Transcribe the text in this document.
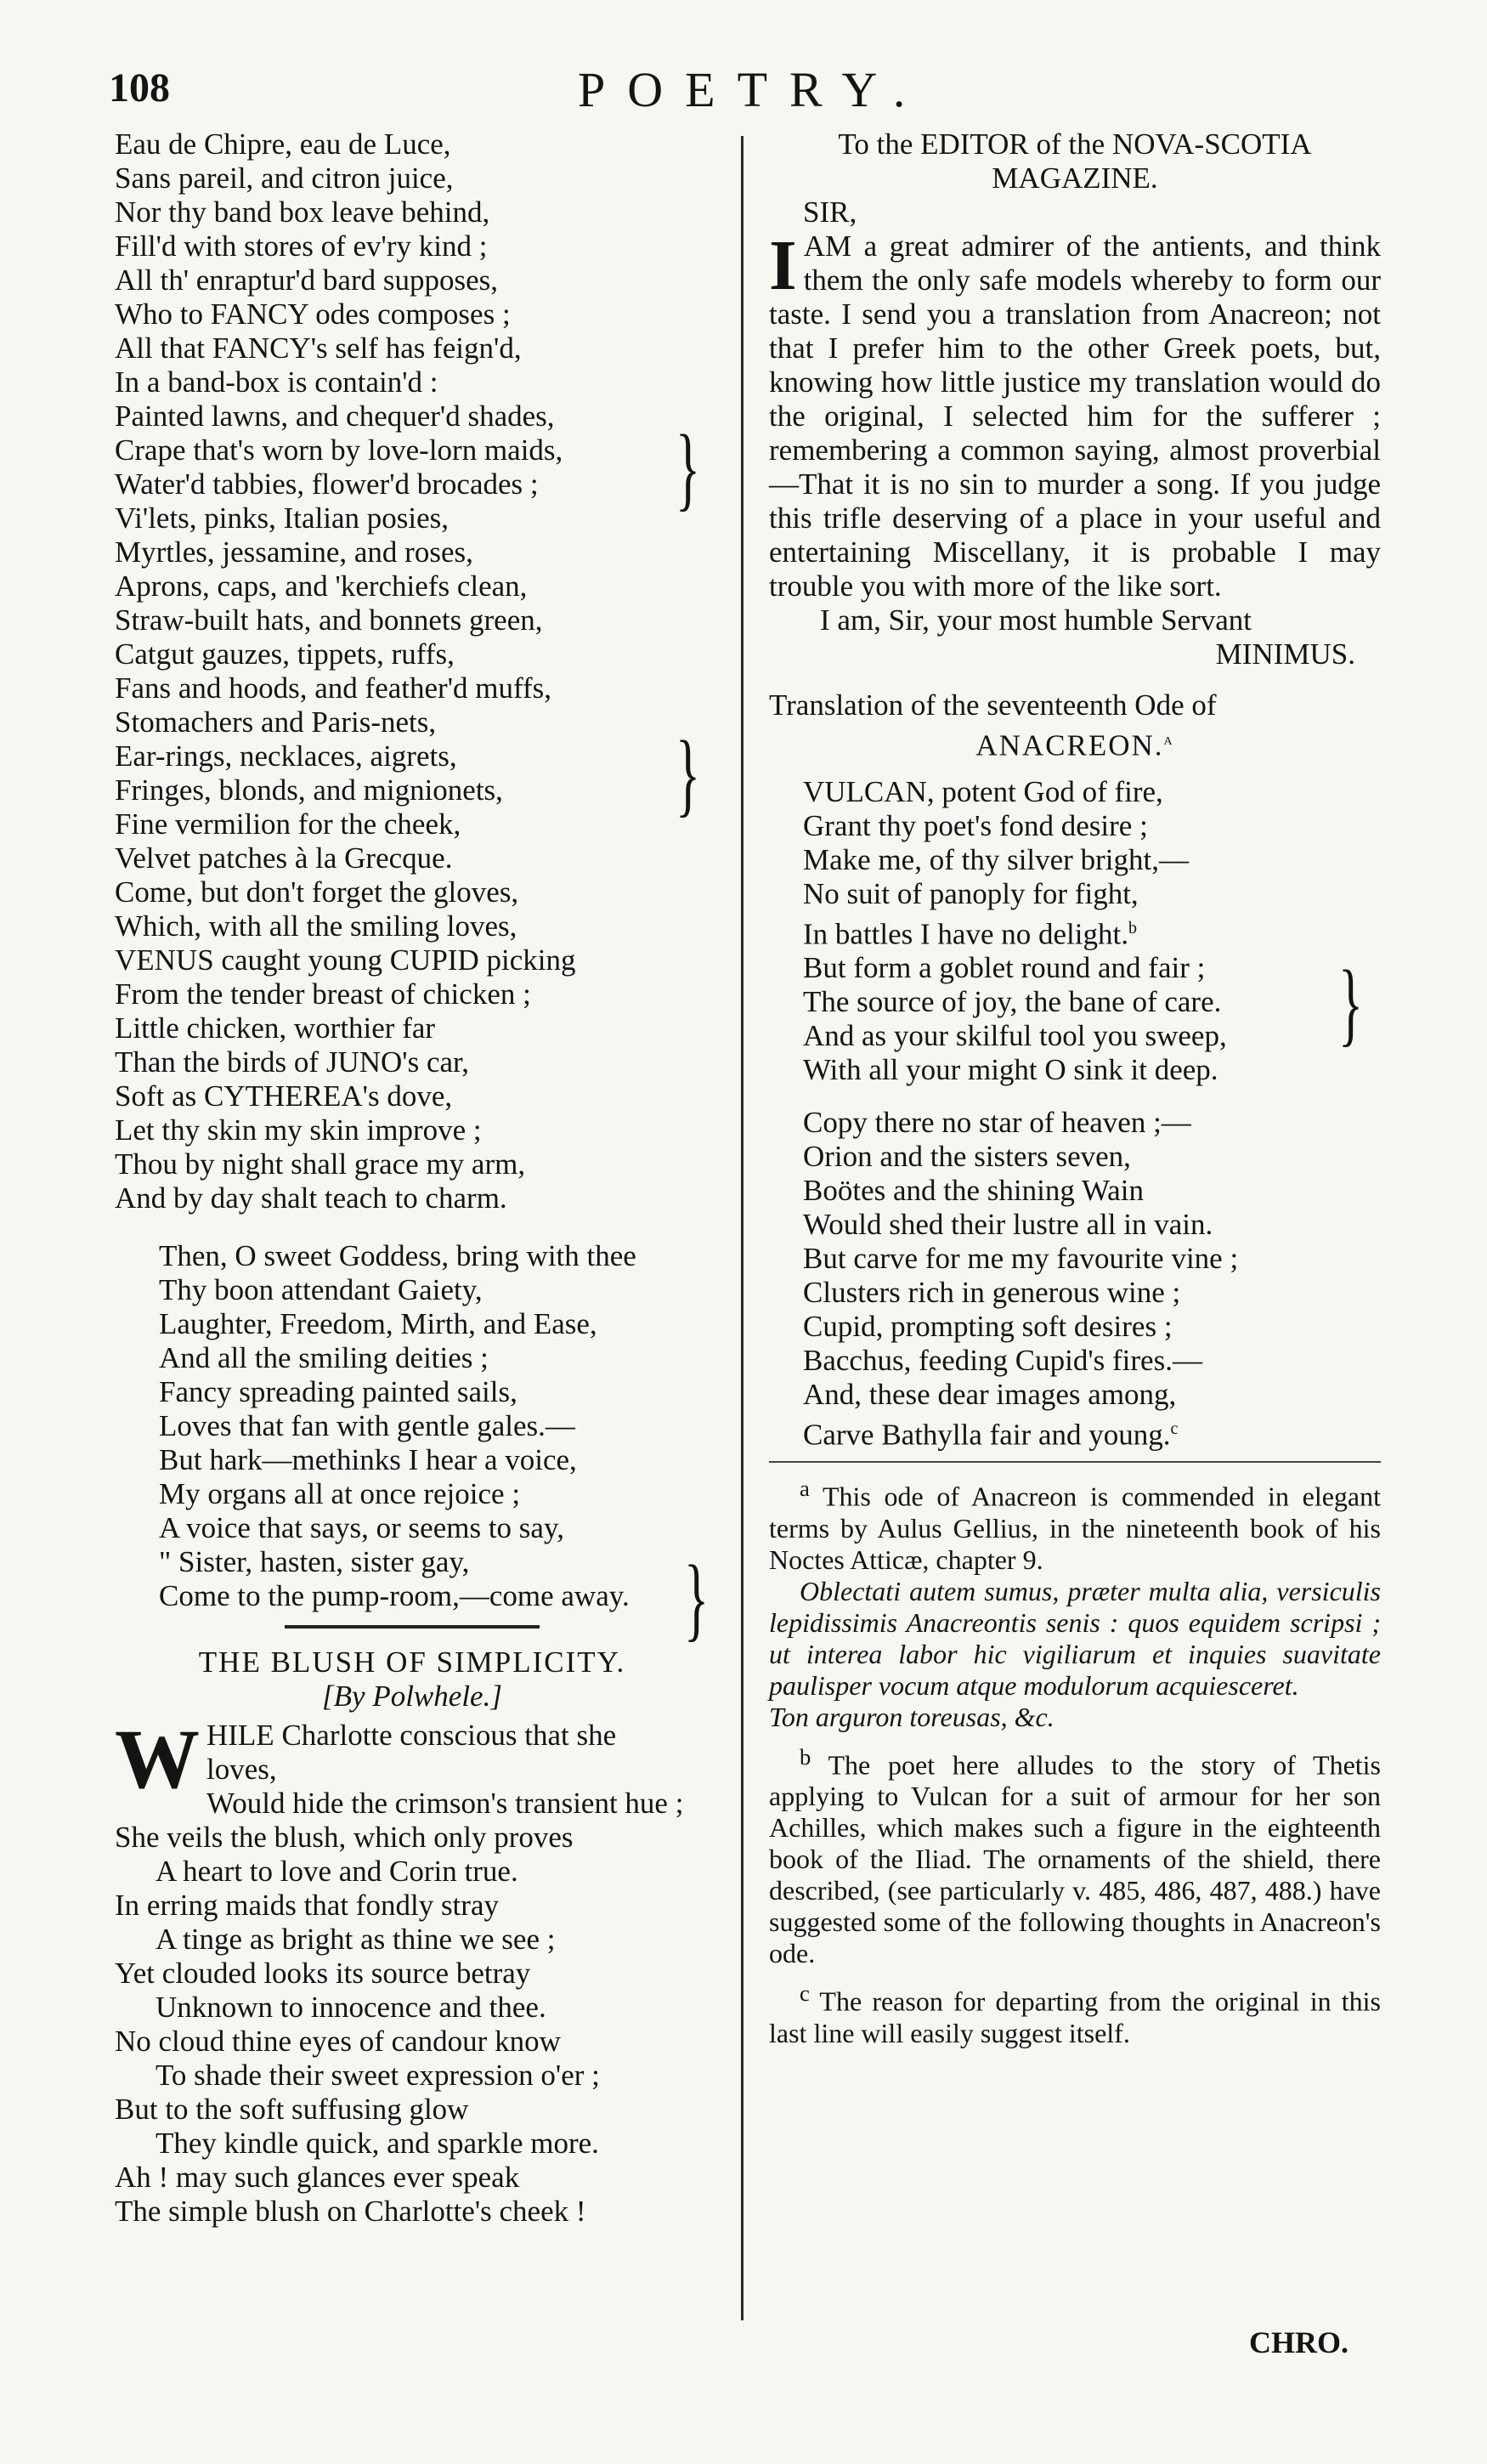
108	POETRY.

Eau de Chipre, eau de Luce,

Sans pareil, and citron juice,

Nor thy band box leave behind,

Fill'd with stores of ev'ry kind ;

All th' enraptur'd bard supposes,

Who to FANCY odes composes ;

All that FANCY's self has feign'd,

In a band-box is contain'd :

Painted lawns, and chequer'd shades,

Crape that's worn by love-lorn maids,

Water'd tabbies, flower'd brocades ;

Vi'lets, pinks, Italian posies,

Myrtles, jessamine, and roses,

Aprons, caps, and 'kerchiefs clean,

Straw-built hats, and bonnets green,

Catgut gauzes, tippets, ruffs,

Fans and hoods, and feather'd muffs,

Stomachers and Paris-nets,

Ear-rings, necklaces, aigrets,

Fringes, blonds, and mignionets,

Fine vermilion for the cheek,

Velvet patches à la Grecque.

Come, but don't forget the gloves,

Which, with all the smiling loves,

VENUS caught young CUPID picking

From the tender breast of chicken ;

Little chicken, worthier far

Than the birds of JUNO's car,

Soft as CYTHEREA's dove,

Let thy skin my skin improve ;

Thou by night shall grace my arm,

And by day shalt teach to charm.

Then, O sweet Goddess, bring with thee

Thy boon attendant Gaiety,

Laughter, Freedom, Mirth, and Ease,

And all the smiling deities ;

Fancy spreading painted sails,

Loves that fan with gentle gales.—

But hark—methinks I hear a voice,

My organs all at once rejoice ;

A voice that says, or seems to say,

" Sister, hasten, sister gay,

Come to the pump-room,—come away.

THE BLUSH OF SIMPLICITY.

[By Polwhele.]

W HILE Charlotte conscious that she

loves,

Would hide the crimson's transient hue ;

She veils the blush, which only proves

A heart to love and Corin true.

In erring maids that fondly stray

A tinge as bright as thine we see ;

Yet clouded looks its source betray

Unknown to innocence and thee.

No cloud thine eyes of candour know

To shade their sweet expression o'er ;

But to the soft suffusing glow

They kindle quick, and sparkle more.

Ah ! may such glances ever speak

The simple blush on Charlotte's cheek !

To the EDITOR of the NOVA-SCOTIA

MAGAZINE.

SIR,

I AM a great admirer of the antients, and think them the only safe models whereby to form our taste. I send you a translation from Anacreon; not that I prefer him to the other Greek poets, but, knowing how little justice my translation would do the original, I selected him for the sufferer ; remembering a common saying, almost proverbial—That it is no sin to murder a song. If you judge this trifle deserving of a place in your useful and entertaining Miscellany, it is probable I may trouble you with more of the like sort.

I am, Sir, your most humble Servant

MINIMUS.

Translation of the seventeenth Ode of

ANACREON.$^a$

VULCAN, potent God of fire,

Grant thy poet's fond desire ;

Make me, of thy silver bright,—

No suit of panoply for fight,

In battles I have no delight.$^b$

But form a goblet round and fair ;

The source of joy, the bane of care.

And as your skilful tool you sweep,

With all your might O sink it deep.

Copy there no star of heaven ;—

Orion and the sisters seven,

Boötes and the shining Wain

Would shed their lustre all in vain.

But carve for me my favourite vine ;

Clusters rich in generous wine ;

Cupid, prompting soft desires ;

Bacchus, feeding Cupid's fires.—

And, these dear images among,

Carve Bathylla fair and young.$^c$

$^a$ This ode of Anacreon is commended in elegant terms by Aulus Gellius, in the nineteenth book of his Noctes Atticæ, chapter 9.

Oblectati autem sumus, præter multa alia, versiculis lepidissimis Anacreontis senis : quos equidem scripsi ; ut interea labor hic vigiliarum et inquies suavitate paulisper vocum atque modulorum acquiesceret.

Ton arguron toreusas, &c.

$^b$ The poet here alludes to the story of Thetis applying to Vulcan for a suit of armour for her son Achilles, which makes such a figure in the eighteenth book of the Iliad. The ornaments of the shield, there described, (see particularly v. 485, 486, 487, 488.) have suggested some of the following thoughts in Anacreon's ode.

$^c$ The reason for departing from the original in this last line will easily suggest itself.

}
}
}
}
CHRO.
